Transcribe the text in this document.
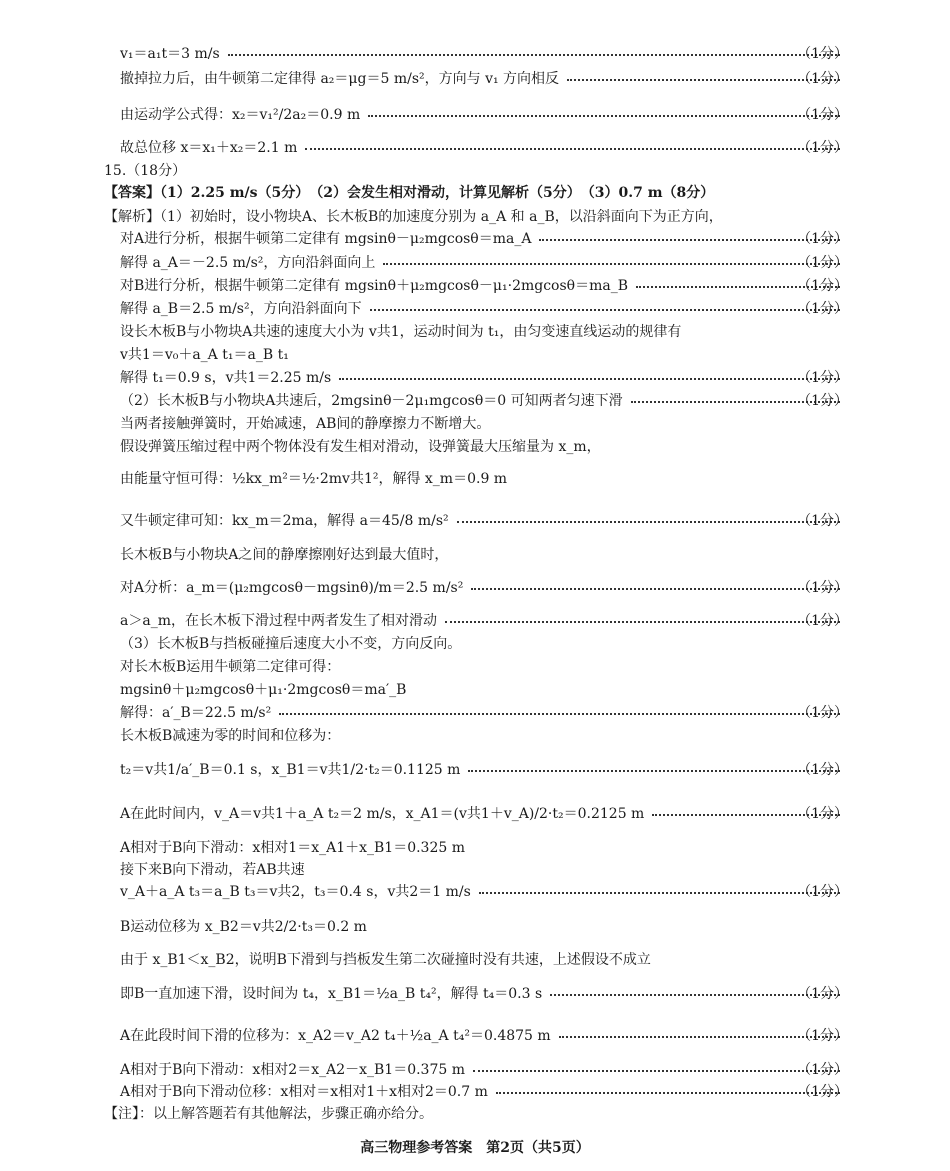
v₁＝a₁t＝3 m/s	（1分）
撤掉拉力后，由牛顿第二定律得 a₂＝μg＝5 m/s²，方向与 v₁ 方向相反	（1分）
由运动学公式得：x₂＝v₁²/2a₂＝0.9 m	（1分）
故总位移 x＝x₁＋x₂＝2.1 m	（1分）
15.（18分）
【答案】（1）2.25 m/s（5分）　（2）会发生相对滑动，计算见解析（5分）　（3）0.7 m（8分）
【解析】（1）初始时，设小物块A、长木板B的加速度分别为 a_A 和 a_B，以沿斜面向下为正方向，
对A进行分析，根据牛顿第二定律有 mgsinθ－μ₂mgcosθ＝ma_A	（1分）
解得 a_A＝－2.5 m/s²，方向沿斜面向上	（1分）
对B进行分析，根据牛顿第二定律有 mgsinθ＋μ₂mgcosθ－μ₁·2mgcosθ＝ma_B	（1分）
解得 a_B＝2.5 m/s²，方向沿斜面向下	（1分）
设长木板B与小物块A共速的速度大小为 v共1，运动时间为 t₁，由匀变速直线运动的规律有
v共1＝v₀＋a_A t₁＝a_B t₁
解得 t₁＝0.9 s，v共1＝2.25 m/s	（1分）
（2）长木板B与小物块A共速后，2mgsinθ－2μ₁mgcosθ＝0 可知两者匀速下滑	（1分）
当两者接触弹簧时，开始减速，AB间的静摩擦力不断增大。
假设弹簧压缩过程中两个物体没有发生相对滑动，设弹簧最大压缩量为 x_m，
由能量守恒可得：½kx_m²＝½·2mv共1²，解得 x_m＝0.9 m
又牛顿定律可知：kx_m＝2ma，解得 a＝45/8 m/s²	（1分）
长木板B与小物块A之间的静摩擦刚好达到最大值时，
对A分析：a_m＝(μ₂mgcosθ－mgsinθ)/m＝2.5 m/s²	（1分）
a＞a_m，在长木板下滑过程中两者发生了相对滑动	（1分）
（3）长木板B与挡板碰撞后速度大小不变，方向反向。
对长木板B运用牛顿第二定律可得：
mgsinθ＋μ₂mgcosθ＋μ₁·2mgcosθ＝ma′_B
解得：a′_B＝22.5 m/s²	（1分）
长木板B减速为零的时间和位移为：
t₂＝v共1/a′_B＝0.1 s，x_B1＝v共1/2·t₂＝0.1125 m	（1分）
A在此时间内，v_A＝v共1＋a_A t₂＝2 m/s，x_A1＝(v共1＋v_A)/2·t₂＝0.2125 m	（1分）
A相对于B向下滑动：x相对1＝x_A1＋x_B1＝0.325 m
接下来B向下滑动，若AB共速
v_A＋a_A t₃＝a_B t₃＝v共2，t₃＝0.4 s，v共2＝1 m/s	（1分）
B运动位移为 x_B2＝v共2/2·t₃＝0.2 m
由于 x_B1＜x_B2，说明B下滑到与挡板发生第二次碰撞时没有共速，上述假设不成立
即B一直加速下滑，设时间为 t₄，x_B1＝½a_B t₄²，解得 t₄＝0.3 s	（1分）
A在此段时间下滑的位移为：x_A2＝v_A2 t₄＋½a_A t₄²＝0.4875 m	（1分）
A相对于B向下滑动：x相对2＝x_A2－x_B1＝0.375 m	（1分）
A相对于B向下滑动位移：x相对＝x相对1＋x相对2＝0.7 m	（1分）
【注】：以上解答题若有其他解法，步骤正确亦给分。
高三物理参考答案　第2页（共5页）
